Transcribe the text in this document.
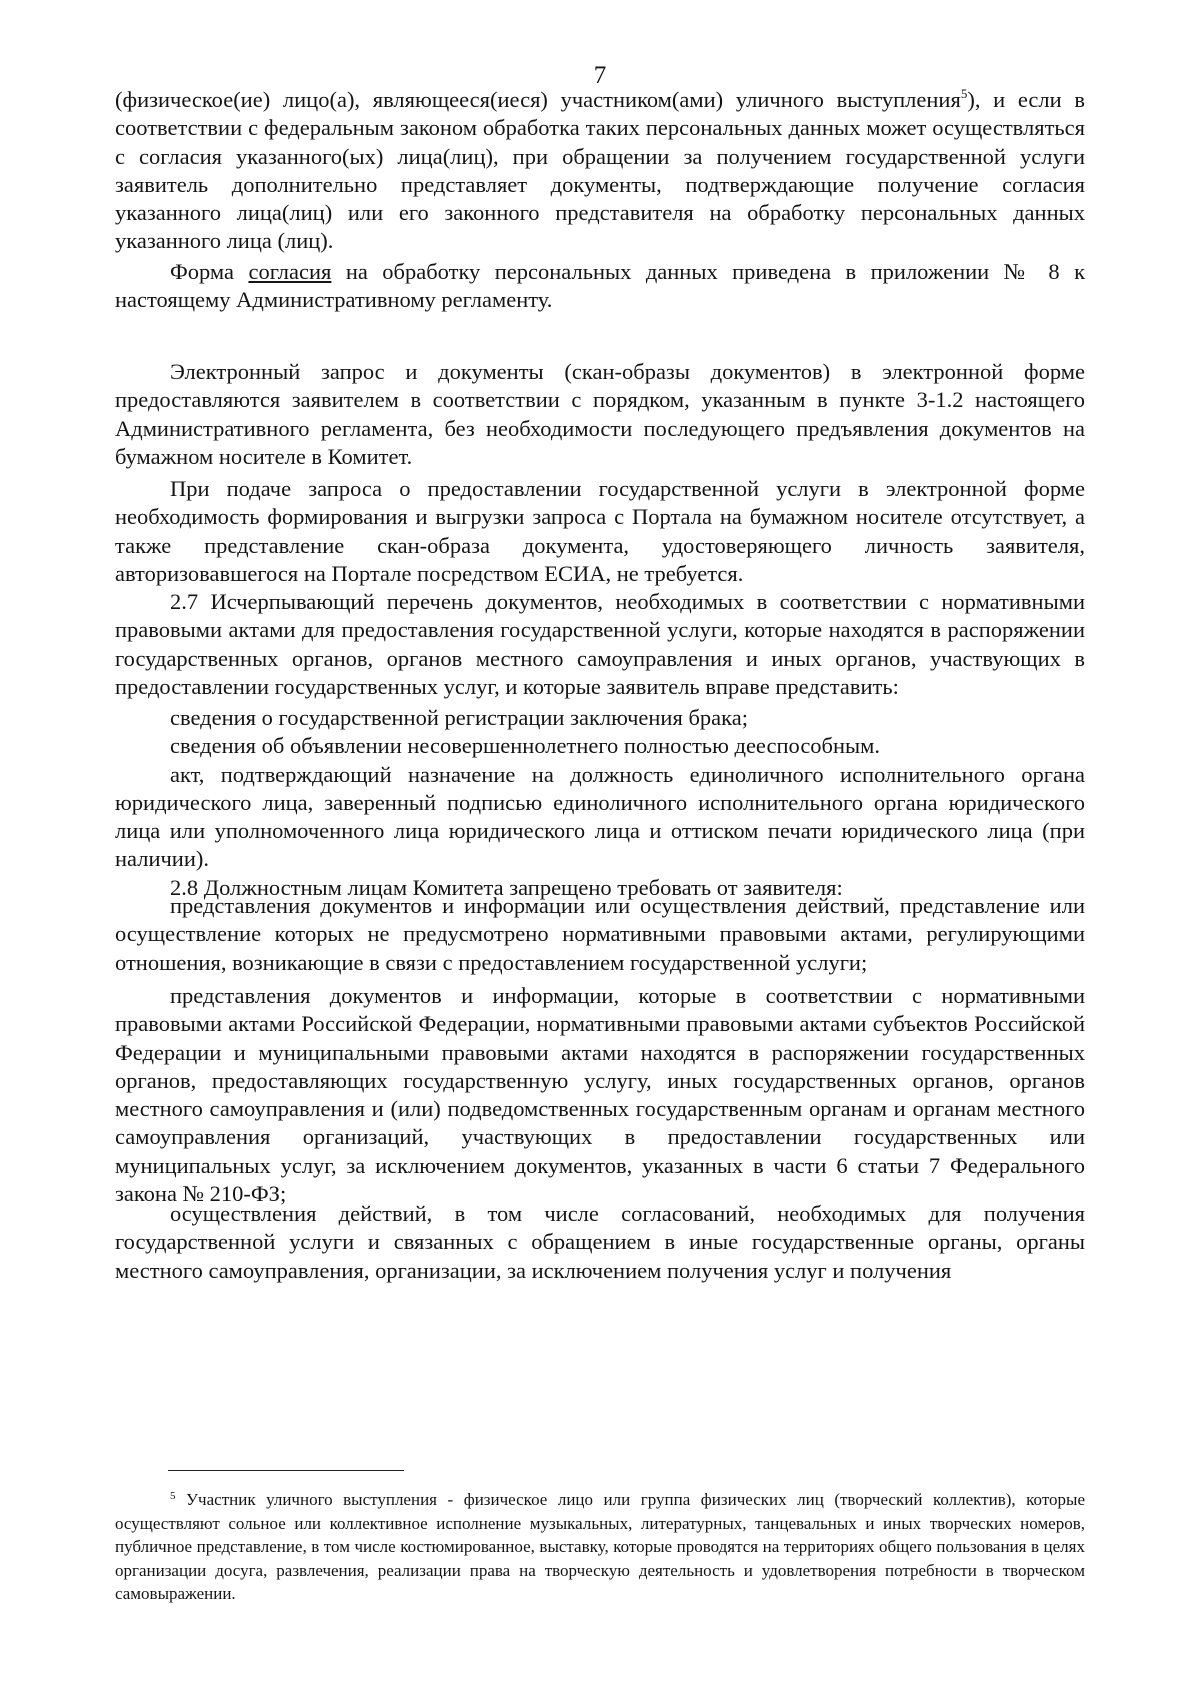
7

(физическое(ие) лицо(а), являющееся(иеся) участником(ами) уличного выступления$^5$), и если в соответствии с федеральным законом обработка таких персональных данных может осуществляться с согласия указанного(ых) лица(лиц), при обращении за получением государственной услуги заявитель дополнительно представляет документы, подтверждающие получение согласия указанного лица(лиц) или его законного представителя на обработку персональных данных указанного лица (лиц).

Форма согласия на обработку персональных данных приведена в приложении № 8 к настоящему Административному регламенту.

Электронный запрос и документы (скан-образы документов) в электронной форме предоставляются заявителем в соответствии с порядком, указанным в пункте 3-1.2 настоящего Административного регламента, без необходимости последующего предъявления документов на бумажном носителе в Комитет.

При подаче запроса о предоставлении государственной услуги в электронной форме необходимость формирования и выгрузки запроса с Портала на бумажном носителе отсутствует, а также представление скан-образа документа, удостоверяющего личность заявителя, авторизовавшегося на Портале посредством ЕСИА, не требуется.

2.7 Исчерпывающий перечень документов, необходимых в соответствии с нормативными правовыми актами для предоставления государственной услуги, которые находятся в распоряжении государственных органов, органов местного самоуправления и иных органов, участвующих в предоставлении государственных услуг, и которые заявитель вправе представить:

сведения о государственной регистрации заключения брака;

сведения об объявлении несовершеннолетнего полностью дееспособным.

акт, подтверждающий назначение на должность единоличного исполнительного органа юридического лица, заверенный подписью единоличного исполнительного органа юридического лица или уполномоченного лица юридического лица и оттиском печати юридического лица (при наличии).

2.8 Должностным лицам Комитета запрещено требовать от заявителя:

представления документов и информации или осуществления действий, представление или осуществление которых не предусмотрено нормативными правовыми актами, регулирующими отношения, возникающие в связи с предоставлением государственной услуги;

представления документов и информации, которые в соответствии с нормативными правовыми актами Российской Федерации, нормативными правовыми актами субъектов Российской Федерации и муниципальными правовыми актами находятся в распоряжении государственных органов, предоставляющих государственную услугу, иных государственных органов, органов местного самоуправления и (или) подведомственных государственным органам и органам местного самоуправления организаций, участвующих в предоставлении государственных или муниципальных услуг, за исключением документов, указанных в части 6 статьи 7 Федерального закона № 210-ФЗ;

осуществления действий, в том числе согласований, необходимых для получения государственной услуги и связанных с обращением в иные государственные органы, органы местного самоуправления, организации, за исключением получения услуг и получения

$^5$ Участник уличного выступления - физическое лицо или группа физических лиц (творческий коллектив), которые осуществляют сольное или коллективное исполнение музыкальных, литературных, танцевальных и иных творческих номеров, публичное представление, в том числе костюмированное, выставку, которые проводятся на территориях общего пользования в целях организации досуга, развлечения, реализации права на творческую деятельность и удовлетворения потребности в творческом самовыражении.
